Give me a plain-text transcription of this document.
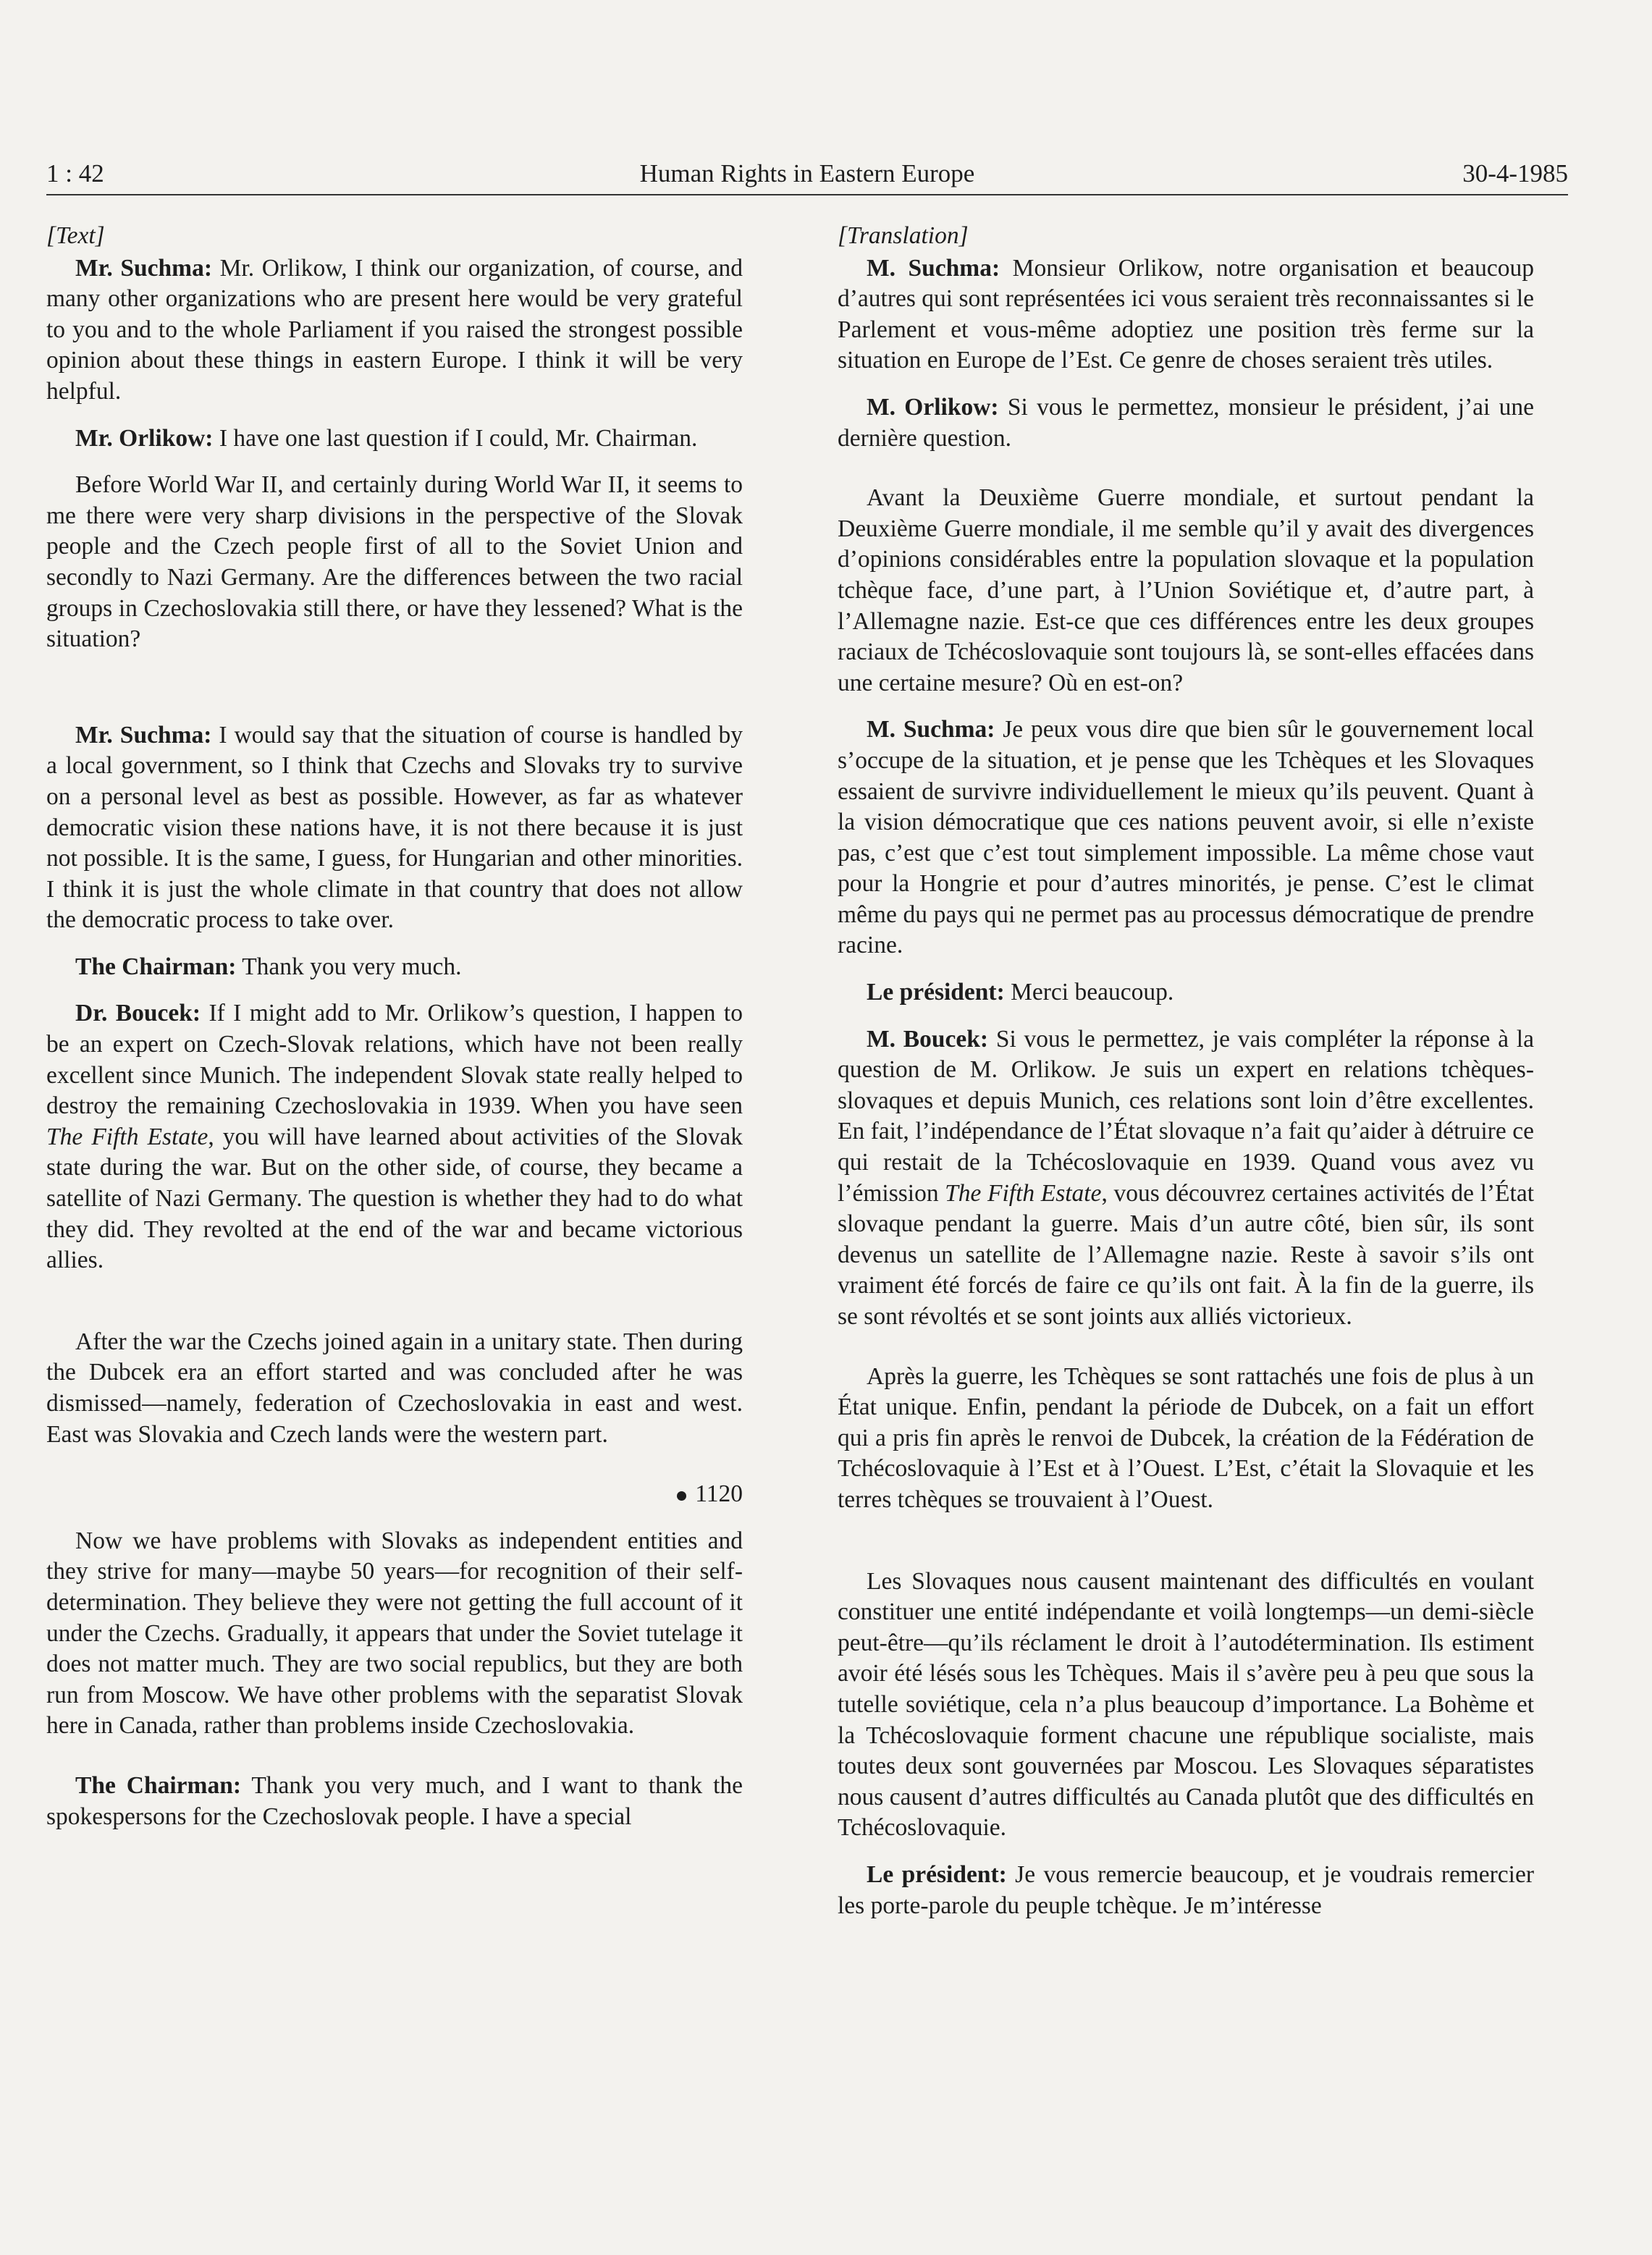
1 : 42	Human Rights in Eastern Europe	30-4-1985

[Text]

Mr. Suchma: Mr. Orlikow, I think our organization, of course, and many other organizations who are present here would be very grateful to you and to the whole Parliament if you raised the strongest possible opinion about these things in eastern Europe. I think it will be very helpful.

Mr. Orlikow: I have one last question if I could, Mr. Chairman.

Before World War II, and certainly during World War II, it seems to me there were very sharp divisions in the perspective of the Slovak people and the Czech people first of all to the Soviet Union and secondly to Nazi Germany. Are the differences between the two racial groups in Czechoslovakia still there, or have they lessened? What is the situation?

Mr. Suchma: I would say that the situation of course is handled by a local government, so I think that Czechs and Slovaks try to survive on a personal level as best as possible. However, as far as whatever democratic vision these nations have, it is not there because it is just not possible. It is the same, I guess, for Hungarian and other minorities. I think it is just the whole climate in that country that does not allow the democratic process to take over.

The Chairman: Thank you very much.

Dr. Boucek: If I might add to Mr. Orlikow’s question, I happen to be an expert on Czech-Slovak relations, which have not been really excellent since Munich. The independent Slovak state really helped to destroy the remaining Czechoslovakia in 1939. When you have seen The Fifth Estate, you will have learned about activities of the Slovak state during the war. But on the other side, of course, they became a satellite of Nazi Germany. The question is whether they had to do what they did. They revolted at the end of the war and became victorious allies.

After the war the Czechs joined again in a unitary state. Then during the Dubcek era an effort started and was concluded after he was dismissed—namely, federation of Czechoslovakia in east and west. East was Slovakia and Czech lands were the western part.

1120

Now we have problems with Slovaks as independent entities and they strive for many—maybe 50 years—for recognition of their self-determination. They believe they were not getting the full account of it under the Czechs. Gradually, it appears that under the Soviet tutelage it does not matter much. They are two social republics, but they are both run from Moscow. We have other problems with the separatist Slovak here in Canada, rather than problems inside Czechoslovakia.

The Chairman: Thank you very much, and I want to thank the spokespersons for the Czechoslovak people. I have a special

[Translation]

M. Suchma: Monsieur Orlikow, notre organisation et beaucoup d’autres qui sont représentées ici vous seraient très reconnaissantes si le Parlement et vous-même adoptiez une position très ferme sur la situation en Europe de l’Est. Ce genre de choses seraient très utiles.

M. Orlikow: Si vous le permettez, monsieur le président, j’ai une dernière question.

Avant la Deuxième Guerre mondiale, et surtout pendant la Deuxième Guerre mondiale, il me semble qu’il y avait des divergences d’opinions considérables entre la population slovaque et la population tchèque face, d’une part, à l’Union Soviétique et, d’autre part, à l’Allemagne nazie. Est-ce que ces différences entre les deux groupes raciaux de Tchécoslovaquie sont toujours là, se sont-elles effacées dans une certaine mesure? Où en est-on?

M. Suchma: Je peux vous dire que bien sûr le gouvernement local s’occupe de la situation, et je pense que les Tchèques et les Slovaques essaient de survivre individuellement le mieux qu’ils peuvent. Quant à la vision démocratique que ces nations peuvent avoir, si elle n’existe pas, c’est que c’est tout simplement impossible. La même chose vaut pour la Hongrie et pour d’autres minorités, je pense. C’est le climat même du pays qui ne permet pas au processus démocratique de prendre racine.

Le président: Merci beaucoup.

M. Boucek: Si vous le permettez, je vais compléter la réponse à la question de M. Orlikow. Je suis un expert en relations tchèques-slovaques et depuis Munich, ces relations sont loin d’être excellentes. En fait, l’indépendance de l’État slovaque n’a fait qu’aider à détruire ce qui restait de la Tchécoslovaquie en 1939. Quand vous avez vu l’émission The Fifth Estate, vous découvrez certaines activités de l’État slovaque pendant la guerre. Mais d’un autre côté, bien sûr, ils sont devenus un satellite de l’Allemagne nazie. Reste à savoir s’ils ont vraiment été forcés de faire ce qu’ils ont fait. À la fin de la guerre, ils se sont révoltés et se sont joints aux alliés victorieux.

Après la guerre, les Tchèques se sont rattachés une fois de plus à un État unique. Enfin, pendant la période de Dubcek, on a fait un effort qui a pris fin après le renvoi de Dubcek, la création de la Fédération de Tchécoslovaquie à l’Est et à l’Ouest. L’Est, c’était la Slovaquie et les terres tchèques se trouvaient à l’Ouest.

Les Slovaques nous causent maintenant des difficultés en voulant constituer une entité indépendante et voilà longtemps—un demi-siècle peut-être—qu’ils réclament le droit à l’autodétermination. Ils estiment avoir été lésés sous les Tchèques. Mais il s’avère peu à peu que sous la tutelle soviétique, cela n’a plus beaucoup d’importance. La Bohème et la Tchécoslovaquie forment chacune une république socialiste, mais toutes deux sont gouvernées par Moscou. Les Slovaques séparatistes nous causent d’autres difficultés au Canada plutôt que des difficultés en Tchécoslovaquie.

Le président: Je vous remercie beaucoup, et je voudrais remercier les porte-parole du peuple tchèque. Je m’intéresse
